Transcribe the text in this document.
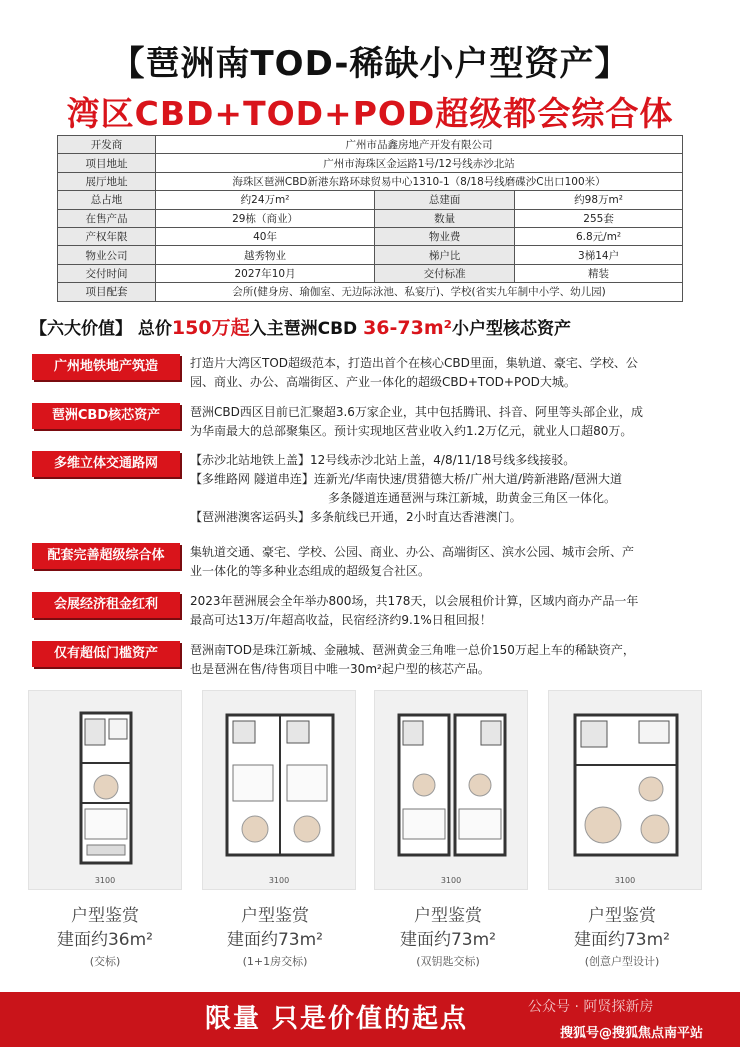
【琶洲南TOD-稀缺小户型资产】
湾区CBD+TOD+POD超级都会综合体
开发商	广州市品鑫房地产开发有限公司		
项目地址	广州市海珠区金运路1号/12号线赤沙北站		
展厅地址	海珠区琶洲CBD新港东路环球贸易中心1310-1（8/18号线磨碟沙C出口100米）		
总占地	约24万m²	总建面	约98万m²
在售产品	29栋（商业）	数量	255套
产权年限	40年	物业费	6.8元/m²
物业公司	越秀物业	梯户比	3梯14户
交付时间	2027年10月	交付标准	精装
项目配套	会所(健身房、瑜伽室、无边际泳池、私宴厅)、学校(省实九年制中小学、幼儿园)		
【六大价值】 总价150万起入主琶洲CBD 36-73m²小户型核芯资产
广州地铁地产筑造	打造片大湾区TOD超级范本，打造出首个在核心CBD里面，集轨道、豪宅、学校、公
园、商业、办公、高端街区、产业一体化的超级CBD+TOD+POD大城。
琶洲CBD核芯资产	琶洲CBD西区目前已汇聚超3.6万家企业，其中包括腾讯、抖音、阿里等头部企业，成
为华南最大的总部聚集区。预计实现地区营业收入约1.2万亿元，就业人口超80万。
多维立体交通路网	【赤沙北站地铁上盖】12号线赤沙北站上盖，4/8/11/18号线多线接驳。
【多维路网 隧道串连】连新光/华南快速/贯猎德大桥/广州大道/跨新港路/琶洲大道
多条隧道连通琶洲与珠江新城，助黄金三角区一体化。
【琶洲港澳客运码头】多条航线已开通，2小时直达香港澳门。
配套完善超级综合体	集轨道交通、豪宅、学校、公园、商业、办公、高端街区、滨水公园、城市会所、产
业一体化的等多种业态组成的超级复合社区。
会展经济租金红利	2023年琶洲展会全年举办800场，共178天，以会展租价计算，区域内商办产品一年
最高可达13万/年超高收益，民宿经济约9.1%日租回报！
仅有超低门槛资产	琶洲南TOD是珠江新城、金融城、琶洲黄金三角唯一总价150万起上车的稀缺资产，
也是琶洲在售/待售项目中唯一30m²起户型的核芯产品。
3100	3100	3100	3100
户型鉴赏
建面约36m²
(交标)
户型鉴赏
建面约73m²
(1+1房交标)
户型鉴赏
建面约73m²
(双钥匙交标)
户型鉴赏
建面约73m²
(创意户型设计)
限量 只是价值的起点	公众号 · 阿贤探新房
搜狐号@搜狐焦点南平站
